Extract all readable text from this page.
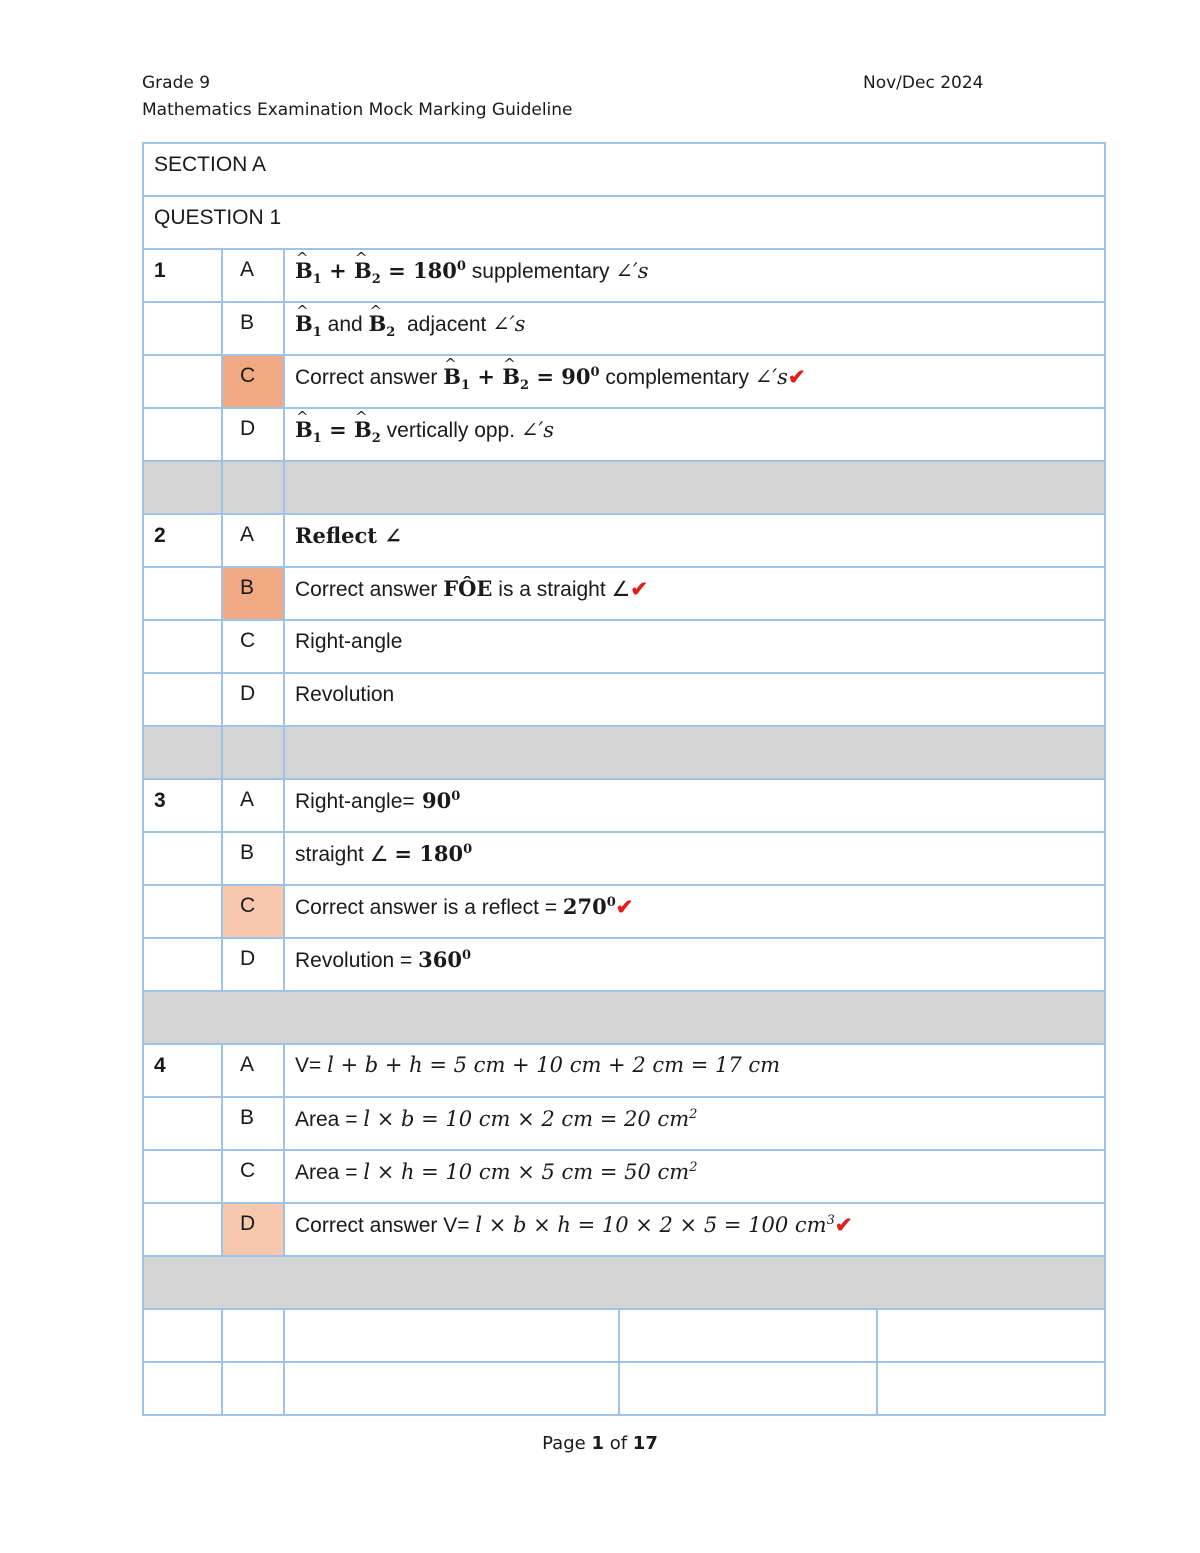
Grade 9	Nov/Dec 2024
Mathematics Examination Mock Marking Guideline
SECTION A				

QUESTION 1				

1	A	^ $B_1$ + ^ $B_2 = 180^0$ supplementary ∠′s

	B	^ $B_1$ and ^ $B_2$ adjacent ∠′s

	C	Correct answer ^ $B_1$ + ^ $B_2 = 90^0$ complementary ∠′s✔

	D	^ $B_1$ = ^ $B_2$ vertically opp. ∠′s

2	A	Reflect ∠		

	B	Correct answer FÔE is a straight ∠✔		

	C	Right-angle		

	D	Revolution		

3	A	Right-angle= $90^0$

	B	straight ∠ = $180^0$

	C	Correct answer is a reflect = $270^0✔$		

	D	Revolution = $360^0$

4	A	V= l + b + h = 5 cm + 10 cm + 2 cm = 17 cm		

	B	Area = l × b = 10 cm × 2 cm = 20 $cm^2$

	C	Area = l × h = 10 cm × 5 cm = 50 $cm^2$

	D	Correct answer V= l × b × h = 10 × 2 × 5 = 100 $cm^3✔$		

Page 1 of 17
